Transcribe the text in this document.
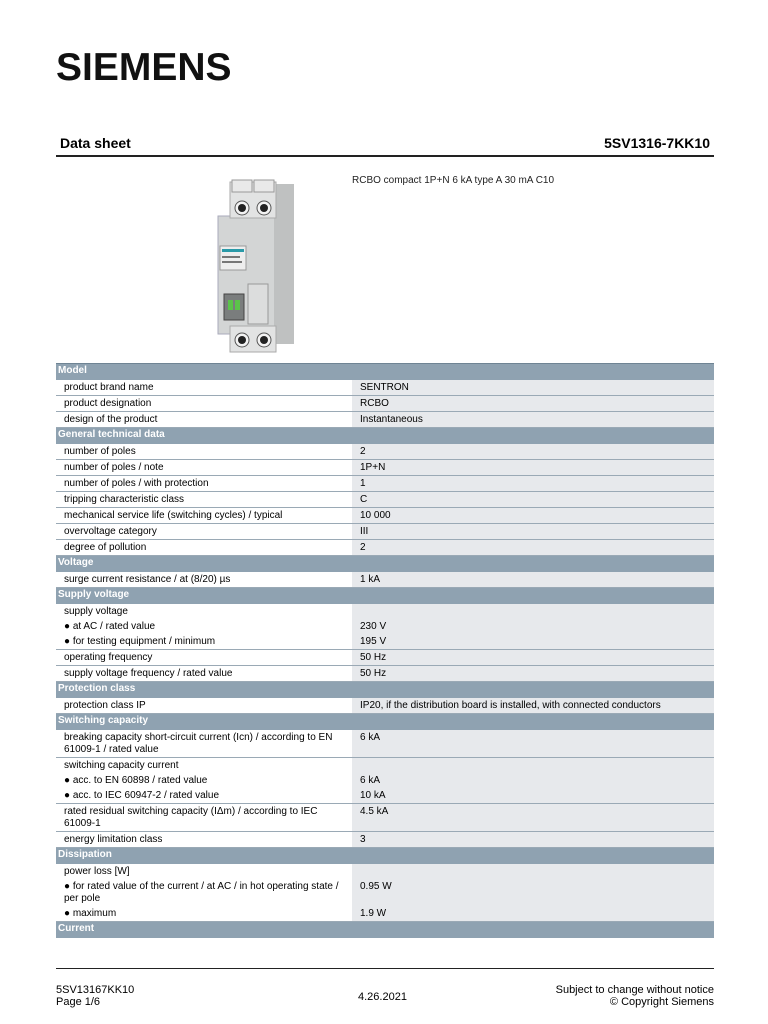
SIEMENS
Data sheet	5SV1316-7KK10
RCBO compact 1P+N 6 kA type A 30 mA C10
Model	
product brand name	SENTRON
product designation	RCBO
design of the product	Instantaneous
General technical data	
number of poles	2
number of poles / note	1P+N
number of poles / with protection	1
tripping characteristic class	C
mechanical service life (switching cycles) / typical	10 000
overvoltage category	III
degree of pollution	2
Voltage	
surge current resistance / at (8/20) µs	1 kA
Supply voltage	
supply voltage	
● at AC / rated value	230 V
● for testing equipment / minimum	195 V
operating frequency	50 Hz
supply voltage frequency / rated value	50 Hz
Protection class	
protection class IP	IP20, if the distribution board is installed, with connected conductors
Switching capacity	
breaking capacity short-circuit current (Icn) / according to EN 61009-1 / rated value	6 kA
switching capacity current	
● acc. to EN 60898 / rated value	6 kA
● acc. to IEC 60947-2 / rated value	10 kA
rated residual switching capacity (IΔm) / according to IEC 61009-1	4.5 kA
energy limitation class	3
Dissipation	
power loss [W]	
● for rated value of the current / at AC / in hot operating state / per pole	0.95 W
● maximum	1.9 W
Current	
5SV13167KK10
Page 1/6	4.26.2021
Subject to change without notice
© Copyright Siemens
